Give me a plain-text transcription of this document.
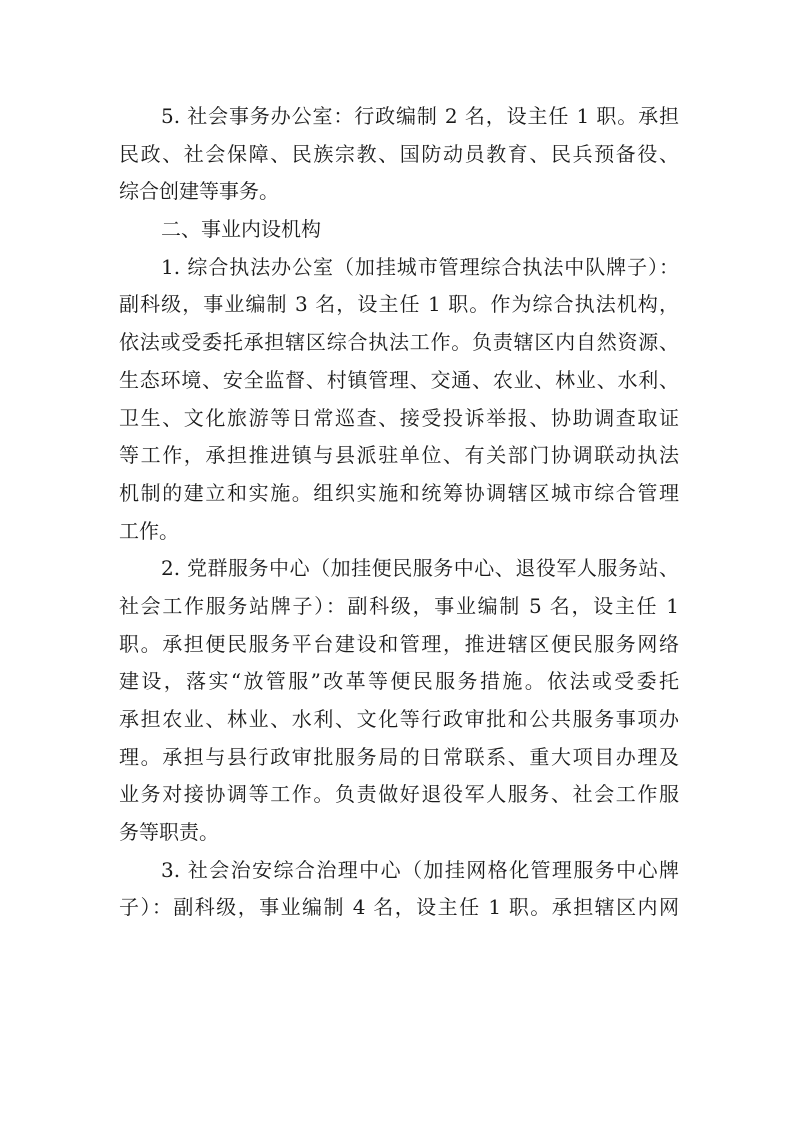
5. 社会事务办公室：行政编制 2 名，设主任 1 职。承担
民政、社会保障、民族宗教、国防动员教育、民兵预备役、
综合创建等事务。
二、事业内设机构
1. 综合执法办公室（加挂城市管理综合执法中队牌子）：
副科级，事业编制 3 名，设主任 1 职。作为综合执法机构，
依法或受委托承担辖区综合执法工作。负责辖区内自然资源、
生态环境、安全监督、村镇管理、交通、农业、林业、水利、
卫生、文化旅游等日常巡查、接受投诉举报、协助调查取证
等工作，承担推进镇与县派驻单位、有关部门协调联动执法
机制的建立和实施。组织实施和统筹协调辖区城市综合管理
工作。
2. 党群服务中心（加挂便民服务中心、退役军人服务站、
社会工作服务站牌子）：副科级，事业编制 5 名，设主任 1
职。承担便民服务平台建设和管理，推进辖区便民服务网络
建设，落实“放管服”改革等便民服务措施。依法或受委托
承担农业、林业、水利、文化等行政审批和公共服务事项办
理。承担与县行政审批服务局的日常联系、重大项目办理及
业务对接协调等工作。负责做好退役军人服务、社会工作服
务等职责。
3. 社会治安综合治理中心（加挂网格化管理服务中心牌
子）：副科级，事业编制 4 名，设主任 1 职。承担辖区内网
